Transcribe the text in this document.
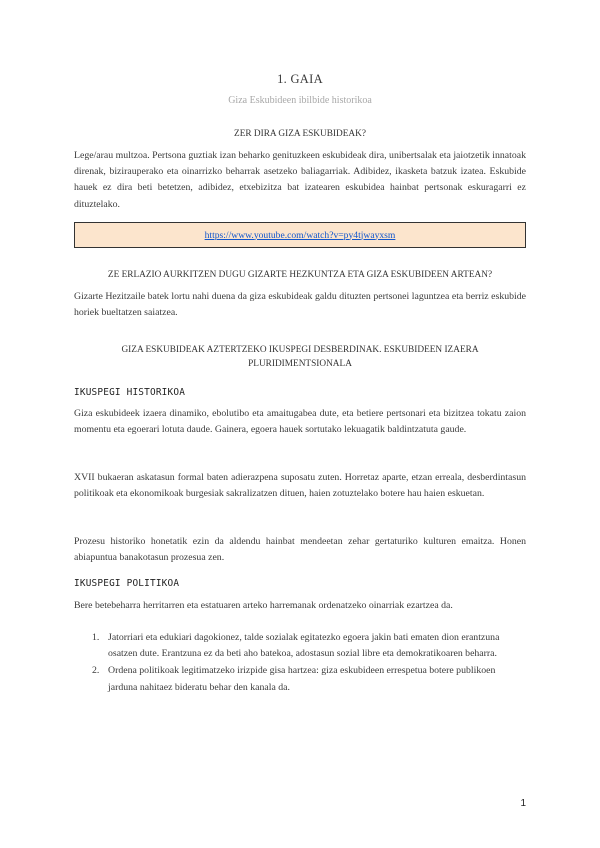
1. GAIA
Giza Eskubideen ibilbide historikoa
ZER DIRA GIZA ESKUBIDEAK?

Lege/arau multzoa. Pertsona guztiak izan beharko genituzkeen eskubideak dira, unibertsalak eta jaiotzetik innatoak direnak, bizirauperako eta oinarrizko beharrak asetzeko baliagarriak. Adibidez, ikasketa batzuk izatea. Eskubide hauek ez dira beti betetzen, adibidez, etxebizitza bat izatearen eskubidea hainbat pertsonak eskuragarri ez dituztelako.

https://www.youtube.com/watch?v=py4tjwayxsm
ZE ERLAZIO AURKITZEN DUGU GIZARTE HEZKUNTZA ETA GIZA ESKUBIDEEN ARTEAN?

Gizarte Hezitzaile batek lortu nahi duena da giza eskubideak galdu dituzten pertsonei laguntzea eta berriz eskubide horiek bueltatzen saiatzea.

GIZA ESKUBIDEAK AZTERTZEKO IKUSPEGI DESBERDINAK. ESKUBIDEEN IZAERA
PLURIDIMENTSIONALA
IKUSPEGI HISTORIKOA

Giza eskubideek izaera dinamiko, ebolutibo eta amaitugabea dute, eta betiere pertsonari eta bizitzea tokatu zaion momentu eta egoerari lotuta daude. Gainera, egoera hauek sortutako lekuagatik baldintzatuta gaude.

XVII bukaeran askatasun formal baten adierazpena suposatu zuten. Horretaz aparte, etzan erreala, desberdintasun politikoak eta ekonomikoak burgesiak sakralizatzen dituen, haien zotuztelako botere hau haien eskuetan.

Prozesu historiko honetatik ezin da aldendu hainbat mendeetan zehar gertaturiko kulturen emaitza. Honen abiapuntua banakotasun prozesua zen.

IKUSPEGI POLITIKOA

Bere betebeharra herritarren eta estatuaren arteko harremanak ordenatzeko oinarriak ezartzea da.

1. Jatorriari eta edukiari dagokionez, talde sozialak egitatezko egoera jakin bati ematen dion erantzuna osatzen dute. Erantzuna ez da beti aho batekoa, adostasun sozial libre eta demokratikoaren beharra.
2. Ordena politikoak legitimatzeko irizpide gisa hartzea: giza eskubideen errespetua botere publikoen jarduna nahitaez bideratu behar den kanala da.
1
